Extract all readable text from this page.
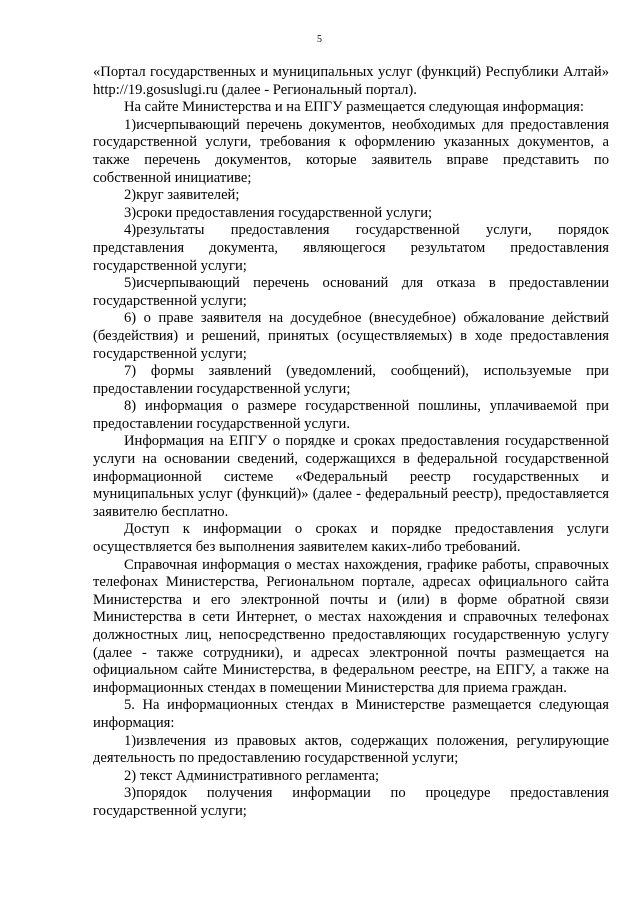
5

«Портал государственных и муниципальных услуг (функций) Республики Алтай» http://19.gosuslugi.ru (далее - Региональный портал).

На сайте Министерства и на ЕПГУ размещается следующая информация:

1)исчерпывающий перечень документов, необходимых для предоставления государственной услуги, требования к оформлению указанных документов, а также перечень документов, которые заявитель вправе представить по собственной инициативе;

2)круг заявителей;

3)сроки предоставления государственной услуги;

4)результаты предоставления государственной услуги, порядок представления документа, являющегося результатом предоставления государственной услуги;

5)исчерпывающий перечень оснований для отказа в предоставлении государственной услуги;

6) о праве заявителя на досудебное (внесудебное) обжалование действий (бездействия) и решений, принятых (осуществляемых) в ходе предоставления государственной услуги;

7) формы заявлений (уведомлений, сообщений), используемые при предоставлении государственной услуги;

8) информация о размере государственной пошлины, уплачиваемой при предоставлении государственной услуги.

Информация на ЕПГУ о порядке и сроках предоставления государственной услуги на основании сведений, содержащихся в федеральной государственной информационной системе «Федеральный реестр государственных и муниципальных услуг (функций)» (далее - федеральный реестр), предоставляется заявителю бесплатно.

Доступ к информации о сроках и порядке предоставления услуги осуществляется без выполнения заявителем каких-либо требований.

Справочная информация о местах нахождения, графике работы, справочных телефонах Министерства, Региональном портале, адресах официального сайта Министерства и его электронной почты и (или) в форме обратной связи Министерства в сети Интернет, о местах нахождения и справочных телефонах должностных лиц, непосредственно предоставляющих государственную услугу (далее - также сотрудники), и адресах электронной почты размещается на официальном сайте Министерства, в федеральном реестре, на ЕПГУ, а также на информационных стендах в помещении Министерства для приема граждан.

5. На информационных стендах в Министерстве размещается следующая информация:

1)извлечения из правовых актов, содержащих положения, регулирующие деятельность по предоставлению государственной услуги;

2) текст Административного регламента;

3)порядок получения информации по процедуре предоставления государственной услуги;
